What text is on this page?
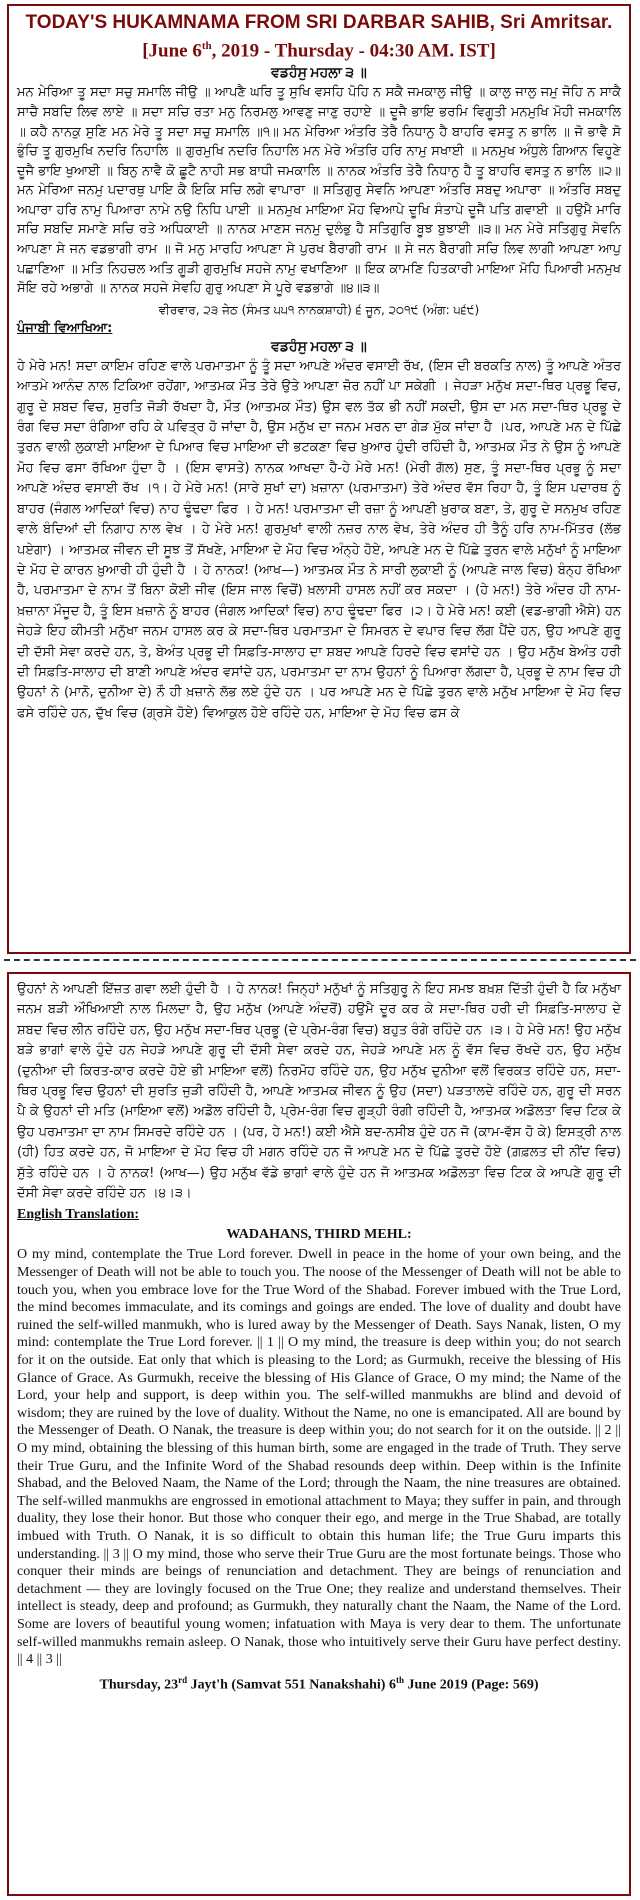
TODAY'S HUKAMNAMA FROM SRI DARBAR SAHIB, Sri Amritsar.

[June 6th, 2019 - Thursday - 04:30 AM. IST]

ਵਡਹੰਸੁ ਮਹਲਾ ੩ ॥

ਮਨ ਮੇਰਿਆ ਤੂ ਸਦਾ ਸਚੁ ਸਮਾਲਿ ਜੀਉ ॥ ਆਪਣੈ ਘਰਿ ਤੂ ਸੁਖਿ ਵਸਹਿ ਪੋਹਿ ਨ ਸਕੈ ਜਮਕਾਲੁ ਜੀਉ ॥ ਕਾਲੁ ਜਾਲੁ ਜਮੁ ਜੋਹਿ ਨ ਸਾਕੈ ਸਾਚੈ ਸਬਦਿ ਲਿਵ ਲਾਏ ॥ ਸਦਾ ਸਚਿ ਰਤਾ ਮਨੁ ਨਿਰਮਲੁ ਆਵਣੁ ਜਾਣੁ ਰਹਾਏ ॥ ਦੂਜੈ ਭਾਇ ਭਰਮਿ ਵਿਗੂਤੀ ਮਨਮੁਖਿ ਮੋਹੀ ਜਮਕਾਲਿ ॥ ਕਹੈ ਨਾਨਕੁ ਸੁਣਿ ਮਨ ਮੇਰੇ ਤੂ ਸਦਾ ਸਚੁ ਸਮਾਲਿ ॥੧॥ ਮਨ ਮੇਰਿਆ ਅੰਤਰਿ ਤੇਰੈ ਨਿਧਾਨੁ ਹੈ ਬਾਹਰਿ ਵਸਤੁ ਨ ਭਾਲਿ ॥ ਜੋ ਭਾਵੈ ਸੋ ਭੁੰਚਿ ਤੂ ਗੁਰਮੁਖਿ ਨਦਰਿ ਨਿਹਾਲਿ ॥ ਗੁਰਮੁਖਿ ਨਦਰਿ ਨਿਹਾਲਿ ਮਨ ਮੇਰੇ ਅੰਤਰਿ ਹਰਿ ਨਾਮੁ ਸਖਾਈ ॥ ਮਨਮੁਖ ਅੰਧੁਲੇ ਗਿਆਨ ਵਿਹੂਣੇ ਦੂਜੈ ਭਾਇ ਖੁਆਈ ॥ ਬਿਨੁ ਨਾਵੈ ਕੋ ਛੂਟੈ ਨਾਹੀ ਸਭ ਬਾਧੀ ਜਮਕਾਲਿ ॥ ਨਾਨਕ ਅੰਤਰਿ ਤੇਰੈ ਨਿਧਾਨੁ ਹੈ ਤੂ ਬਾਹਰਿ ਵਸਤੁ ਨ ਭਾਲਿ ॥੨॥ ਮਨ ਮੇਰਿਆ ਜਨਮੁ ਪਦਾਰਥੁ ਪਾਇ ਕੈ ਇਕਿ ਸਚਿ ਲਗੇ ਵਾਪਾਰਾ ॥ ਸਤਿਗੁਰੁ ਸੇਵਨਿ ਆਪਣਾ ਅੰਤਰਿ ਸਬਦੁ ਅਪਾਰਾ ॥ ਅੰਤਰਿ ਸਬਦੁ ਅਪਾਰਾ ਹਰਿ ਨਾਮੁ ਪਿਆਰਾ ਨਾਮੇ ਨਉ ਨਿਧਿ ਪਾਈ ॥ ਮਨਮੁਖ ਮਾਇਆ ਮੋਹ ਵਿਆਪੇ ਦੂਖਿ ਸੰਤਾਪੇ ਦੂਜੈ ਪਤਿ ਗਵਾਈ ॥ ਹਉਮੈ ਮਾਰਿ ਸਚਿ ਸਬਦਿ ਸਮਾਣੇ ਸਚਿ ਰਤੇ ਅਧਿਕਾਈ ॥ ਨਾਨਕ ਮਾਣਸ ਜਨਮੁ ਦੁਲੰਭੁ ਹੈ ਸਤਿਗੁਰਿ ਬੂਝ ਬੁਝਾਈ ॥੩॥ ਮਨ ਮੇਰੇ ਸਤਿਗੁਰੁ ਸੇਵਨਿ ਆਪਣਾ ਸੇ ਜਨ ਵਡਭਾਗੀ ਰਾਮ ॥ ਜੋ ਮਨੁ ਮਾਰਹਿ ਆਪਣਾ ਸੇ ਪੁਰਖ ਬੈਰਾਗੀ ਰਾਮ ॥ ਸੇ ਜਨ ਬੈਰਾਗੀ ਸਚਿ ਲਿਵ ਲਾਗੀ ਆਪਣਾ ਆਪੁ ਪਛਾਣਿਆ ॥ ਮਤਿ ਨਿਹਚਲ ਅਤਿ ਗੂੜੀ ਗੁਰਮੁਖਿ ਸਹਜੇ ਨਾਮੁ ਵਖਾਣਿਆ ॥ ਇਕ ਕਾਮਣਿ ਹਿਤਕਾਰੀ ਮਾਇਆ ਮੋਹਿ ਪਿਆਰੀ ਮਨਮੁਖ ਸੋਇ ਰਹੇ ਅਭਾਗੇ ॥ ਨਾਨਕ ਸਹਜੇ ਸੇਵਹਿ ਗੁਰੁ ਅਪਣਾ ਸੇ ਪੂਰੇ ਵਡਭਾਗੇ ॥੪॥੩॥

ਵੀਰਵਾਰ, ੨੩ ਜੇਠ (ਸੰਮਤ ੫੫੧ ਨਾਨਕਸ਼ਾਹੀ) ੬ ਜੂਨ, ੨੦੧੯ (ਅੰਗ: ੫੬੯)

ਪੰਜਾਬੀ ਵਿਆਖਿਆ:

ਵਡਹੰਸੁ ਮਹਲਾ ੩ ॥

ਹੇ ਮੇਰੇ ਮਨ! ਸਦਾ ਕਾਇਮ ਰਹਿਣ ਵਾਲੇ ਪਰਮਾਤਮਾ ਨੂੰ ਤੂੰ ਸਦਾ ਆਪਣੇ ਅੰਦਰ ਵਸਾਈ ਰੱਖ, (ਇਸ ਦੀ ਬਰਕਤਿ ਨਾਲ) ਤੂੰ ਆਪਣੇ ਅੰਤਰ ਆਤਮੇ ਆਨੰਦ ਨਾਲ ਟਿਕਿਆ ਰਹੇਂਗਾ, ਆਤਮਕ ਮੌਤ ਤੇਰੇ ਉਤੇ ਆਪਣਾ ਜ਼ੋਰ ਨਹੀਂ ਪਾ ਸਕੇਗੀ । ਜੇਹੜਾ ਮਨੁੱਖ ਸਦਾ-ਥਿਰ ਪ੍ਰਭੂ ਵਿਚ, ਗੁਰੂ ਦੇ ਸ਼ਬਦ ਵਿਚ, ਸੁਰਤਿ ਜੋੜੀ ਰੱਖਦਾ ਹੈ, ਮੌਤ (ਆਤਮਕ ਮੌਤ) ਉਸ ਵਲ ਤੱਕ ਭੀ ਨਹੀਂ ਸਕਦੀ, ਉਸ ਦਾ ਮਨ ਸਦਾ-ਥਿਰ ਪ੍ਰਭੂ ਦੇ ਰੰਗ ਵਿਚ ਸਦਾ ਰੰਗਿਆ ਰਹਿ ਕੇ ਪਵਿਤ੍ਰ ਹੋ ਜਾਂਦਾ ਹੈ, ਉਸ ਮਨੁੱਖ ਦਾ ਜਨਮ ਮਰਨ ਦਾ ਗੇੜ ਮੁੱਕ ਜਾਂਦਾ ਹੈ ।ਪਰ, ਆਪਣੇ ਮਨ ਦੇ ਪਿੱਛੇ ਤੁਰਨ ਵਾਲੀ ਲੁਕਾਈ ਮਾਇਆ ਦੇ ਪਿਆਰ ਵਿਚ ਮਾਇਆ ਦੀ ਭਟਕਣਾ ਵਿਚ ਖ਼ੁਆਰ ਹੁੰਦੀ ਰਹਿੰਦੀ ਹੈ, ਆਤਮਕ ਮੌਤ ਨੇ ਉਸ ਨੂੰ ਆਪਣੇ ਮੋਹ ਵਿਚ ਫਸਾ ਰੱਖਿਆ ਹੁੰਦਾ ਹੈ । (ਇਸ ਵਾਸਤੇ) ਨਾਨਕ ਆਖਦਾ ਹੈ-ਹੇ ਮੇਰੇ ਮਨ! (ਮੇਰੀ ਗੱਲ) ਸੁਣ, ਤੂੰ ਸਦਾ-ਥਿਰ ਪ੍ਰਭੂ ਨੂੰ ਸਦਾ ਆਪਣੇ ਅੰਦਰ ਵਸਾਈ ਰੱਖ ।੧। ਹੇ ਮੇਰੇ ਮਨ! (ਸਾਰੇ ਸੁਖਾਂ ਦਾ) ਖ਼ਜ਼ਾਨਾ (ਪਰਮਾਤਮਾ) ਤੇਰੇ ਅੰਦਰ ਵੱਸ ਰਿਹਾ ਹੈ, ਤੂੰ ਇਸ ਪਦਾਰਥ ਨੂੰ ਬਾਹਰ (ਜੰਗਲ ਆਦਿਕਾਂ ਵਿਚ) ਨਾਹ ਢੂੰਢਦਾ ਫਿਰ । ਹੇ ਮਨ! ਪਰਮਾਤਮਾ ਦੀ ਰਜ਼ਾ ਨੂੰ ਆਪਣੀ ਖ਼ੁਰਾਕ ਬਣਾ, ਤੇ, ਗੁਰੂ ਦੇ ਸਨਮੁਖ ਰਹਿਣ ਵਾਲੇ ਬੰਦਿਆਂ ਦੀ ਨਿਗਾਹ ਨਾਲ ਵੇਖ । ਹੇ ਮੇਰੇ ਮਨ! ਗੁਰਮੁਖਾਂ ਵਾਲੀ ਨਜ਼ਰ ਨਾਲ ਵੇਖ, ਤੇਰੇ ਅੰਦਰ ਹੀ ਤੈਨੂੰ ਹਰਿ ਨਾਮ-ਮਿੱਤਰ (ਲੱਭ ਪਏਗਾ) । ਆਤਮਕ ਜੀਵਨ ਦੀ ਸੂਝ ਤੋਂ ਸੱਖਣੇ, ਮਾਇਆ ਦੇ ਮੋਹ ਵਿਚ ਅੰਨ੍ਹੇ ਹੋਏ, ਆਪਣੇ ਮਨ ਦੇ ਪਿੱਛੇ ਤੁਰਨ ਵਾਲੇ ਮਨੁੱਖਾਂ ਨੂੰ ਮਾਇਆ ਦੇ ਮੋਹ ਦੇ ਕਾਰਨ ਖ਼ੁਆਰੀ ਹੀ ਹੁੰਦੀ ਹੈ । ਹੇ ਨਾਨਕ! (ਆਖ—) ਆਤਮਕ ਮੌਤ ਨੇ ਸਾਰੀ ਲੁਕਾਈ ਨੂੰ (ਆਪਣੇ ਜਾਲ ਵਿਚ) ਬੰਨ੍ਹ ਰੱਖਿਆ ਹੈ, ਪਰਮਾਤਮਾ ਦੇ ਨਾਮ ਤੋਂ ਬਿਨਾ ਕੋਈ ਜੀਵ (ਇਸ ਜਾਲ ਵਿਚੋਂ) ਖ਼ਲਾਸੀ ਹਾਸਲ ਨਹੀਂ ਕਰ ਸਕਦਾ । (ਹੇ ਮਨ!) ਤੇਰੇ ਅੰਦਰ ਹੀ ਨਾਮ-ਖ਼ਜ਼ਾਨਾ ਮੌਜੂਦ ਹੈ, ਤੂੰ ਇਸ ਖ਼ਜ਼ਾਨੇ ਨੂੰ ਬਾਹਰ (ਜੰਗਲ ਆਦਿਕਾਂ ਵਿਚ) ਨਾਹ ਢੂੰਢਦਾ ਫਿਰ ।੨। ਹੇ ਮੇਰੇ ਮਨ! ਕਈ (ਵਡ-ਭਾਗੀ ਐਸੇ) ਹਨ ਜੇਹੜੇ ਇਹ ਕੀਮਤੀ ਮਨੁੱਖਾ ਜਨਮ ਹਾਸਲ ਕਰ ਕੇ ਸਦਾ-ਥਿਰ ਪਰਮਾਤਮਾ ਦੇ ਸਿਮਰਨ ਦੇ ਵਪਾਰ ਵਿਚ ਲੱਗ ਪੈਂਦੇ ਹਨ, ਉਹ ਆਪਣੇ ਗੁਰੂ ਦੀ ਦੱਸੀ ਸੇਵਾ ਕਰਦੇ ਹਨ, ਤੇ, ਬੇਅੰਤ ਪ੍ਰਭੂ ਦੀ ਸਿਫ਼ਤਿ-ਸਾਲਾਹ ਦਾ ਸ਼ਬਦ ਆਪਣੇ ਹਿਰਦੇ ਵਿਚ ਵਸਾਂਦੇ ਹਨ । ਉਹ ਮਨੁੱਖ ਬੇਅੰਤ ਹਰੀ ਦੀ ਸਿਫ਼ਤਿ-ਸਾਲਾਹ ਦੀ ਬਾਣੀ ਆਪਣੇ ਅੰਦਰ ਵਸਾਂਦੇ ਹਨ, ਪਰਮਾਤਮਾ ਦਾ ਨਾਮ ਉਹਨਾਂ ਨੂੰ ਪਿਆਰਾ ਲੱਗਦਾ ਹੈ, ਪ੍ਰਭੂ ਦੇ ਨਾਮ ਵਿਚ ਹੀ ਉਹਨਾਂ ਨੇ (ਮਾਨੋ, ਦੁਨੀਆ ਦੇ) ਨੌ ਹੀ ਖ਼ਜ਼ਾਨੇ ਲੱਭ ਲਏ ਹੁੰਦੇ ਹਨ । ਪਰ ਆਪਣੇ ਮਨ ਦੇ ਪਿੱਛੇ ਤੁਰਨ ਵਾਲੇ ਮਨੁੱਖ ਮਾਇਆ ਦੇ ਮੋਹ ਵਿਚ ਫਸੇ ਰਹਿੰਦੇ ਹਨ, ਦੁੱਖ ਵਿਚ (ਗ੍ਰਸੇ ਹੋਏ) ਵਿਆਕੁਲ ਹੋਏ ਰਹਿੰਦੇ ਹਨ, ਮਾਇਆ ਦੇ ਮੋਹ ਵਿਚ ਫਸ ਕੇ

ਉਹਨਾਂ ਨੇ ਆਪਣੀ ਇੱਜ਼ਤ ਗਵਾ ਲਈ ਹੁੰਦੀ ਹੈ । ਹੇ ਨਾਨਕ! ਜਿਨ੍ਹਾਂ ਮਨੁੱਖਾਂ ਨੂੰ ਸਤਿਗੁਰੂ ਨੇ ਇਹ ਸਮਝ ਬਖ਼ਸ਼ ਦਿੱਤੀ ਹੁੰਦੀ ਹੈ ਕਿ ਮਨੁੱਖਾ ਜਨਮ ਬੜੀ ਔਖਿਆਈ ਨਾਲ ਮਿਲਦਾ ਹੈ, ਉਹ ਮਨੁੱਖ (ਆਪਣੇ ਅੰਦਰੋਂ) ਹਉਮੈ ਦੂਰ ਕਰ ਕੇ ਸਦਾ-ਥਿਰ ਹਰੀ ਦੀ ਸਿਫ਼ਤਿ-ਸਾਲਾਹ ਦੇ ਸ਼ਬਦ ਵਿਚ ਲੀਨ ਰਹਿੰਦੇ ਹਨ, ਉਹ ਮਨੁੱਖ ਸਦਾ-ਥਿਰ ਪ੍ਰਭੂ (ਦੇ ਪ੍ਰੇਮ-ਰੰਗ ਵਿਚ) ਬਹੁਤ ਰੰਗੇ ਰਹਿੰਦੇ ਹਨ ।੩। ਹੇ ਮੇਰੇ ਮਨ! ਉਹ ਮਨੁੱਖ ਬੜੇ ਭਾਗਾਂ ਵਾਲੇ ਹੁੰਦੇ ਹਨ ਜੇਹੜੇ ਆਪਣੇ ਗੁਰੂ ਦੀ ਦੱਸੀ ਸੇਵਾ ਕਰਦੇ ਹਨ, ਜੇਹੜੇ ਆਪਣੇ ਮਨ ਨੂੰ ਵੱਸ ਵਿਚ ਰੱਖਦੇ ਹਨ, ਉਹ ਮਨੁੱਖ (ਦੁਨੀਆ ਦੀ ਕਿਰਤ-ਕਾਰ ਕਰਦੇ ਹੋਏ ਭੀ ਮਾਇਆ ਵਲੋਂ) ਨਿਰਮੋਹ ਰਹਿੰਦੇ ਹਨ, ਉਹ ਮਨੁੱਖ ਦੁਨੀਆ ਵਲੋਂ ਵਿਰਕਤ ਰਹਿੰਦੇ ਹਨ, ਸਦਾ-ਥਿਰ ਪ੍ਰਭੂ ਵਿਚ ਉਹਨਾਂ ਦੀ ਸੁਰਤਿ ਜੁੜੀ ਰਹਿੰਦੀ ਹੈ, ਆਪਣੇ ਆਤਮਕ ਜੀਵਨ ਨੂੰ ਉਹ (ਸਦਾ) ਪੜਤਾਲਦੇ ਰਹਿੰਦੇ ਹਨ, ਗੁਰੂ ਦੀ ਸਰਨ ਪੈ ਕੇ ਉਹਨਾਂ ਦੀ ਮਤਿ (ਮਾਇਆ ਵਲੋਂ) ਅਡੋਲ ਰਹਿੰਦੀ ਹੈ, ਪ੍ਰੇਮ-ਰੰਗ ਵਿਚ ਗੂੜ੍ਹੀ ਰੰਗੀ ਰਹਿੰਦੀ ਹੈ, ਆਤਮਕ ਅਡੋਲਤਾ ਵਿਚ ਟਿਕ ਕੇ ਉਹ ਪਰਮਾਤਮਾ ਦਾ ਨਾਮ ਸਿਮਰਦੇ ਰਹਿੰਦੇ ਹਨ । (ਪਰ, ਹੇ ਮਨ!) ਕਈ ਐਸੇ ਬਦ-ਨਸੀਬ ਹੁੰਦੇ ਹਨ ਜੋ (ਕਾਮ-ਵੱਸ ਹੋ ਕੇ) ਇਸਤ੍ਰੀ ਨਾਲ (ਹੀ) ਹਿਤ ਕਰਦੇ ਹਨ, ਜੋ ਮਾਇਆ ਦੇ ਮੋਹ ਵਿਚ ਹੀ ਮਗਨ ਰਹਿੰਦੇ ਹਨ ਜੋ ਆਪਣੇ ਮਨ ਦੇ ਪਿੱਛੇ ਤੁਰਦੇ ਹੋਏ (ਗ਼ਫ਼ਲਤ ਦੀ ਨੀਂਦ ਵਿਚ) ਸੁੱਤੇ ਰਹਿੰਦੇ ਹਨ । ਹੇ ਨਾਨਕ! (ਆਖ—) ਉਹ ਮਨੁੱਖ ਵੱਡੇ ਭਾਗਾਂ ਵਾਲੇ ਹੁੰਦੇ ਹਨ ਜੋ ਆਤਮਕ ਅਡੋਲਤਾ ਵਿਚ ਟਿਕ ਕੇ ਆਪਣੇ ਗੁਰੂ ਦੀ ਦੱਸੀ ਸੇਵਾ ਕਰਦੇ ਰਹਿੰਦੇ ਹਨ ।੪।੩।

English Translation:

WADAHANS, THIRD MEHL:

O my mind, contemplate the True Lord forever. Dwell in peace in the home of your own being, and the Messenger of Death will not be able to touch you. The noose of the Messenger of Death will not be able to touch you, when you embrace love for the True Word of the Shabad. Forever imbued with the True Lord, the mind becomes immaculate, and its comings and goings are ended. The love of duality and doubt have ruined the self-willed manmukh, who is lured away by the Messenger of Death. Says Nanak, listen, O my mind: contemplate the True Lord forever. || 1 || O my mind, the treasure is deep within you; do not search for it on the outside. Eat only that which is pleasing to the Lord; as Gurmukh, receive the blessing of His Glance of Grace. As Gurmukh, receive the blessing of His Glance of Grace, O my mind; the Name of the Lord, your help and support, is deep within you. The self-willed manmukhs are blind and devoid of wisdom; they are ruined by the love of duality. Without the Name, no one is emancipated. All are bound by the Messenger of Death. O Nanak, the treasure is deep within you; do not search for it on the outside. || 2 || O my mind, obtaining the blessing of this human birth, some are engaged in the trade of Truth. They serve their True Guru, and the Infinite Word of the Shabad resounds deep within. Deep within is the Infinite Shabad, and the Beloved Naam, the Name of the Lord; through the Naam, the nine treasures are obtained. The self-willed manmukhs are engrossed in emotional attachment to Maya; they suffer in pain, and through duality, they lose their honor. But those who conquer their ego, and merge in the True Shabad, are totally imbued with Truth. O Nanak, it is so difficult to obtain this human life; the True Guru imparts this understanding. || 3 || O my mind, those who serve their True Guru are the most fortunate beings. Those who conquer their minds are beings of renunciation and detachment. They are beings of renunciation and detachment — they are lovingly focused on the True One; they realize and understand themselves. Their intellect is steady, deep and profound; as Gurmukh, they naturally chant the Naam, the Name of the Lord. Some are lovers of beautiful young women; infatuation with Maya is very dear to them. The unfortunate self-willed manmukhs remain asleep. O Nanak, those who intuitively serve their Guru have perfect destiny. || 4 || 3 ||

Thursday, 23rd Jayt'h (Samvat 551 Nanakshahi) 6th June 2019 (Page: 569)
